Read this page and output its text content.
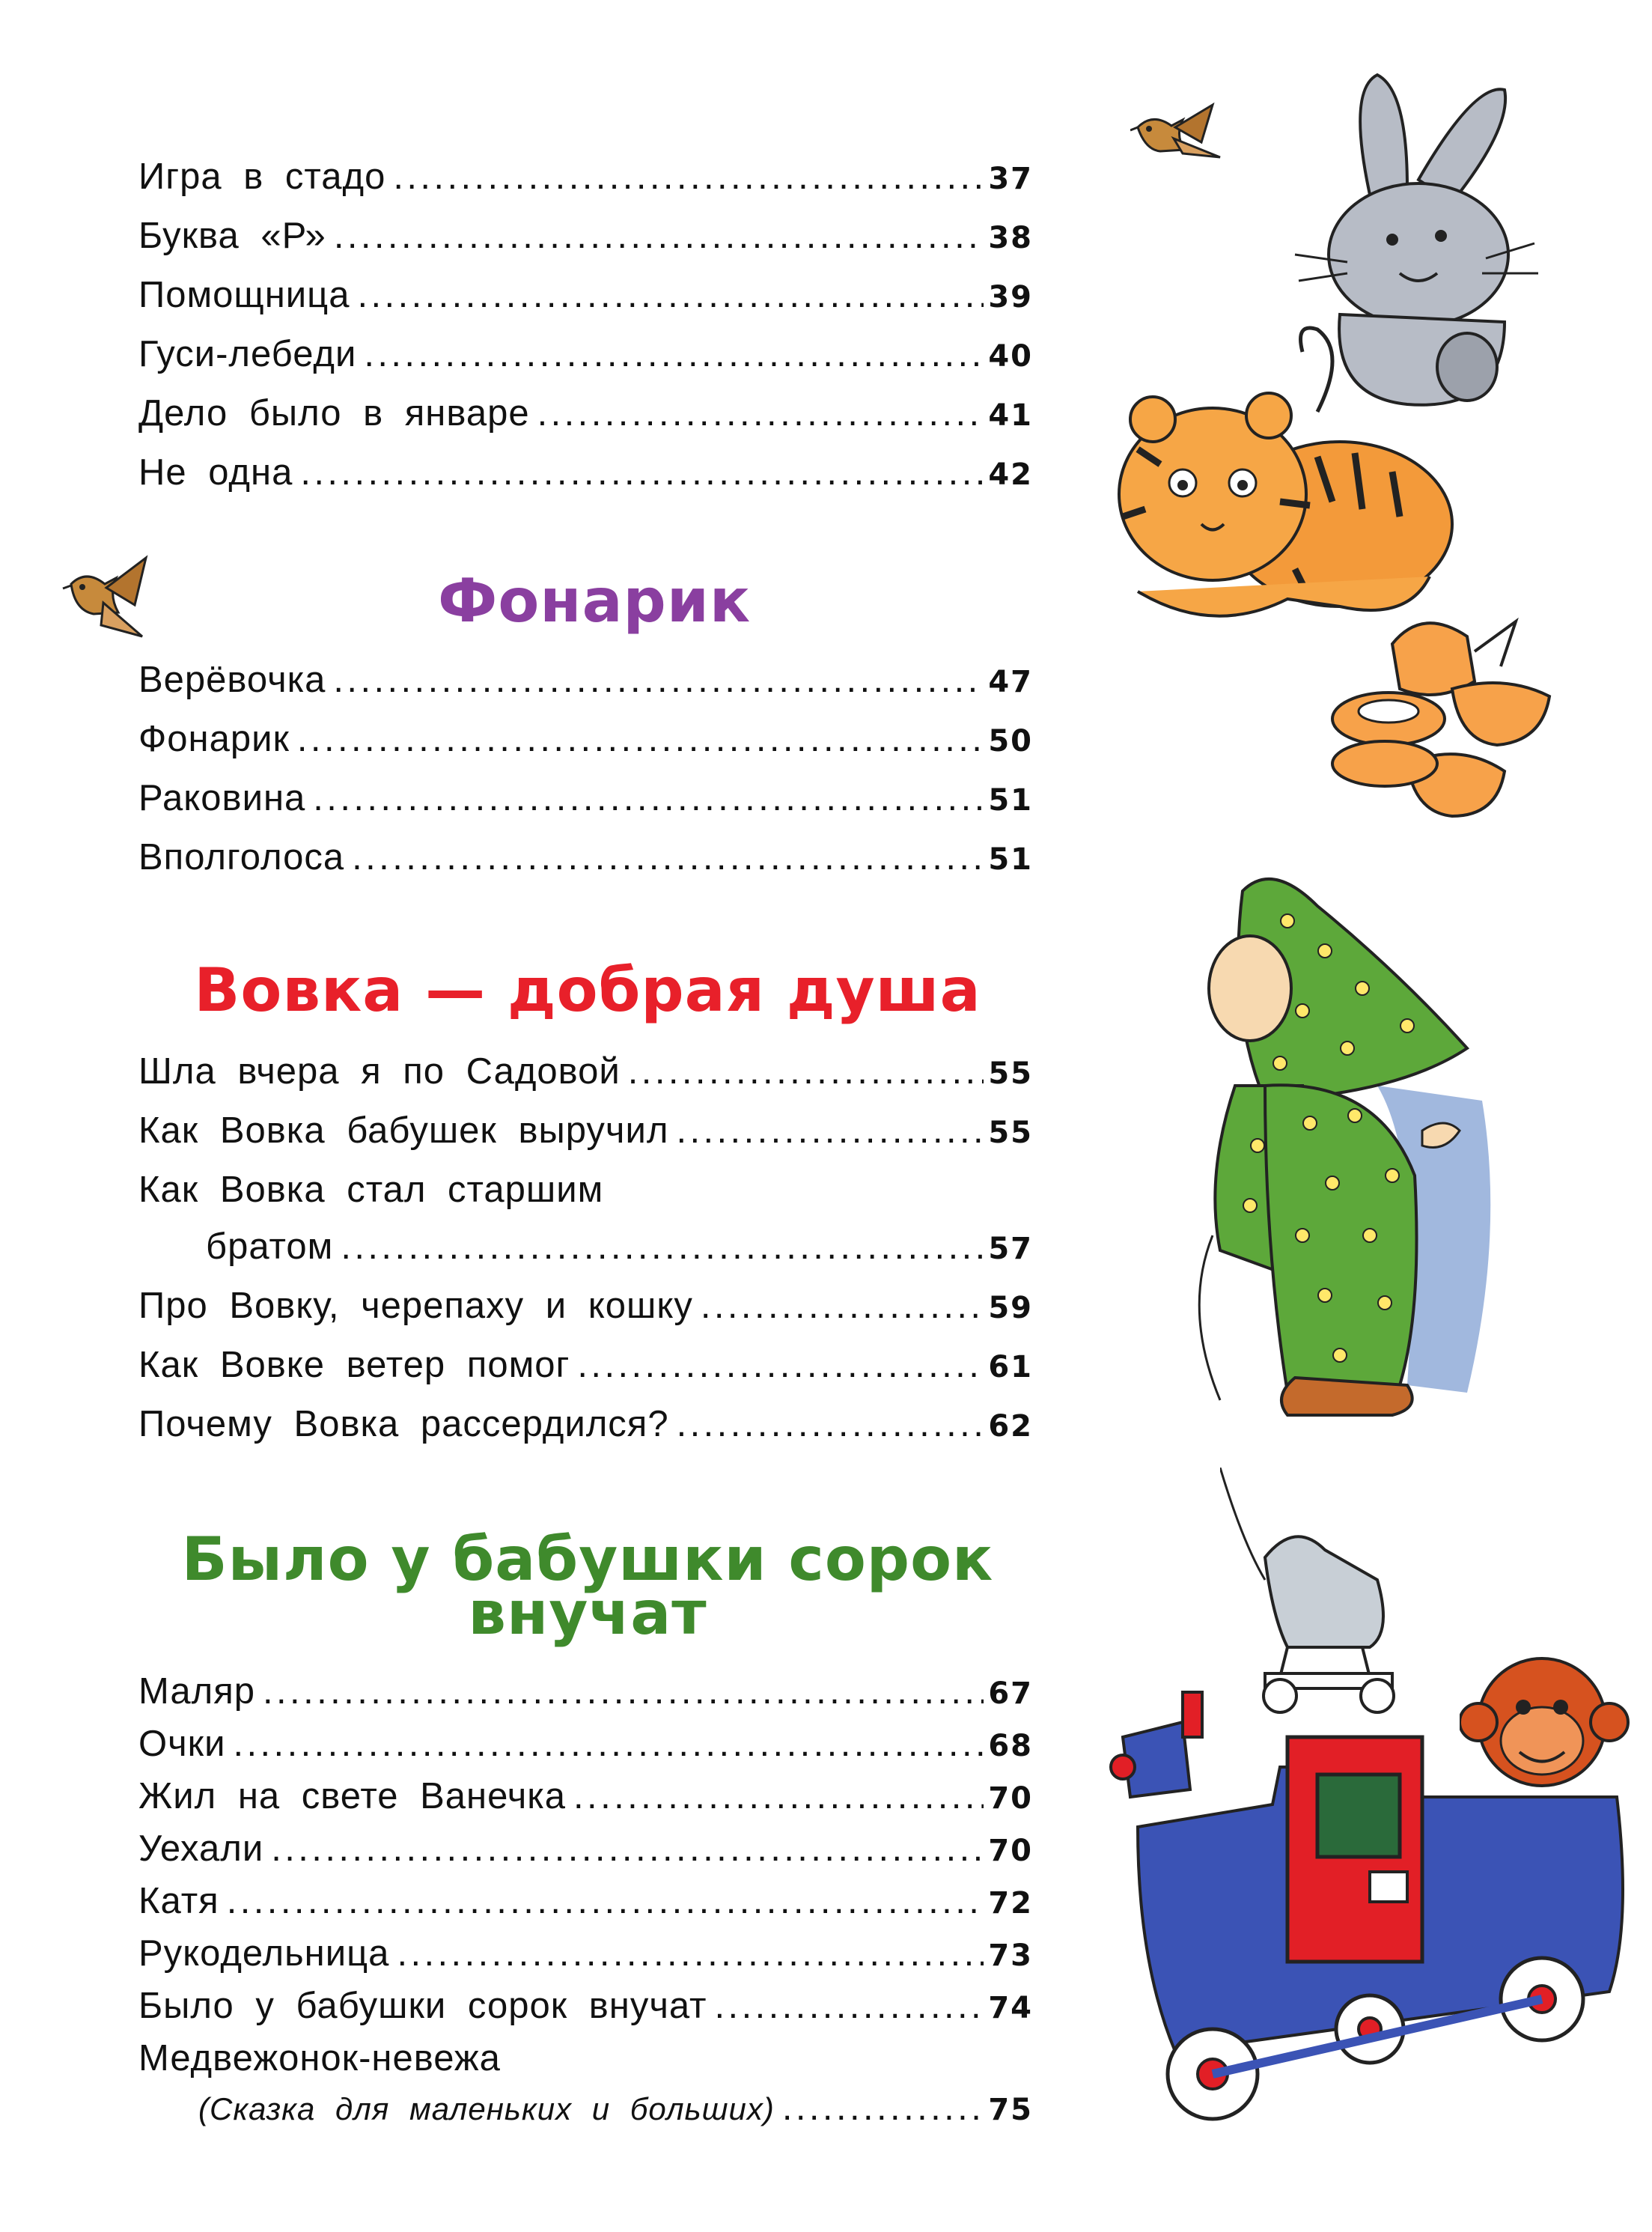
Игра в стадо . . .	37
Буква «Р» . . .	38
Помощница . . .	39
Гуси-лебеди . . .	40
Дело было в январе . . .	41
Не одна . . .	42
Фонарик
Верёвочка . . .	47
Фонарик . . .	50
Раковина . . .	51
Вполголоса . . .	51
Вовка — добрая душа
Шла вчера я по Садовой . . .	55
Как Вовка бабушек выручил . . .	55
Как Вовка стал старшим
братом . . .	57
Про Вовку, черепаху и кошку . . .	59
Как Вовке ветер помог . . .	61
Почему Вовка рассердился? . . .	62
Было у бабушки сорок
внучат
Маляр . . .	67
Очки . . .	68
Жил на свете Ванечка . . .	70
Уехали . . .	70
Катя . . .	72
Рукодельница . . .	73
Было у бабушки сорок внучат . . .	74
Медвежонок-невежа
(Сказка для маленьких и больших) . . .	75
